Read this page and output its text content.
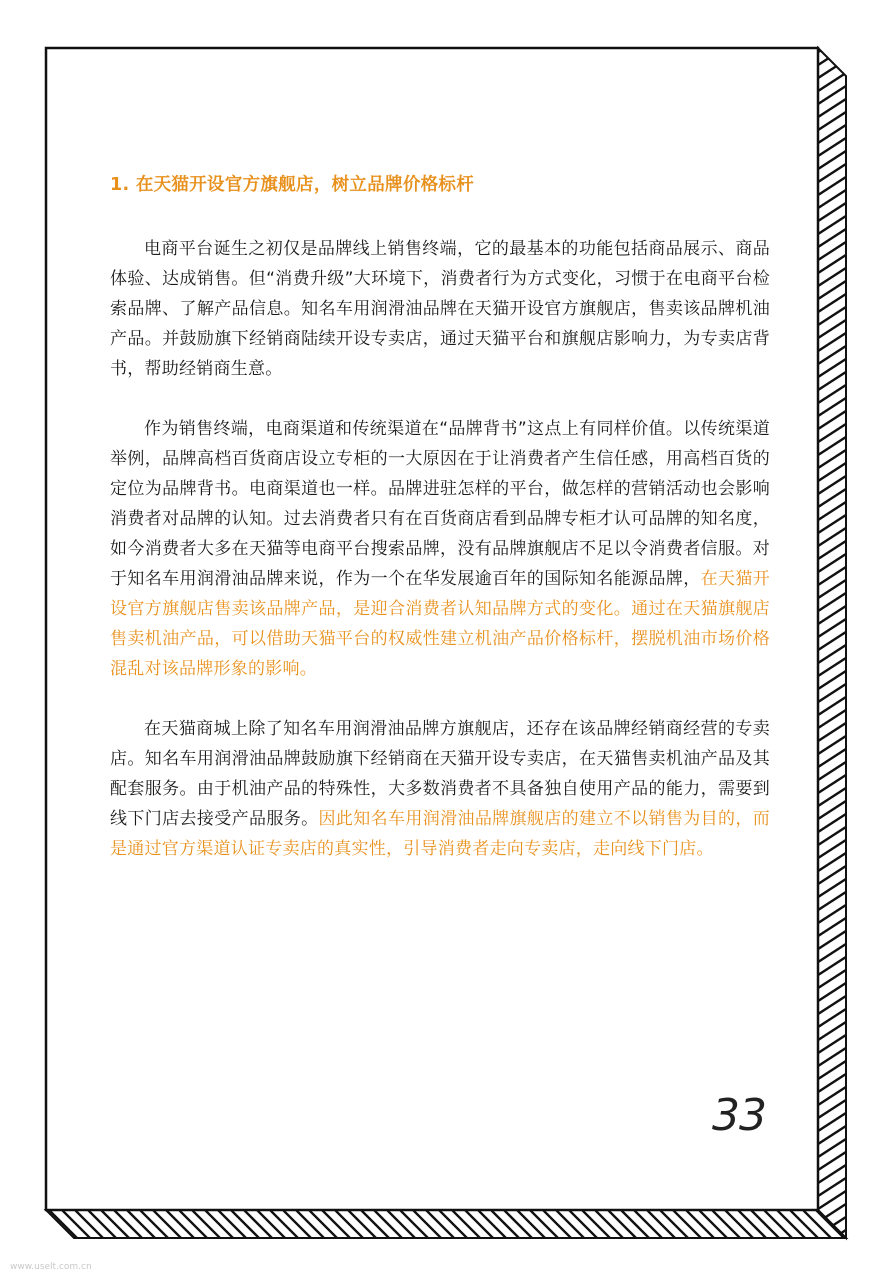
1. 在天猫开设官方旗舰店，树立品牌价格标杆

电商平台诞生之初仅是品牌线上销售终端，它的最基本的功能包括商品展示、商品体验、达成销售。但“消费升级”大环境下，消费者行为方式变化，习惯于在电商平台检索品牌、了解产品信息。知名车用润滑油品牌在天猫开设官方旗舰店，售卖该品牌机油产品。并鼓励旗下经销商陆续开设专卖店，通过天猫平台和旗舰店影响力，为专卖店背书，帮助经销商生意。

作为销售终端，电商渠道和传统渠道在“品牌背书”这点上有同样价值。以传统渠道举例，品牌高档百货商店设立专柜的一大原因在于让消费者产生信任感，用高档百货的定位为品牌背书。电商渠道也一样。品牌进驻怎样的平台，做怎样的营销活动也会影响消费者对品牌的认知。过去消费者只有在百货商店看到品牌专柜才认可品牌的知名度，如今消费者大多在天猫等电商平台搜索品牌，没有品牌旗舰店不足以令消费者信服。对于知名车用润滑油品牌来说，作为一个在华发展逾百年的国际知名能源品牌，在天猫开设官方旗舰店售卖该品牌产品，是迎合消费者认知品牌方式的变化。通过在天猫旗舰店售卖机油产品，可以借助天猫平台的权威性建立机油产品价格标杆，摆脱机油市场价格混乱对该品牌形象的影响。

在天猫商城上除了知名车用润滑油品牌方旗舰店，还存在该品牌经销商经营的专卖店。知名车用润滑油品牌鼓励旗下经销商在天猫开设专卖店，在天猫售卖机油产品及其配套服务。由于机油产品的特殊性，大多数消费者不具备独自使用产品的能力，需要到线下门店去接受产品服务。因此知名车用润滑油品牌旗舰店的建立不以销售为目的，而是通过官方渠道认证专卖店的真实性，引导消费者走向专卖店，走向线下门店。

33
www.uselt.com.cn
